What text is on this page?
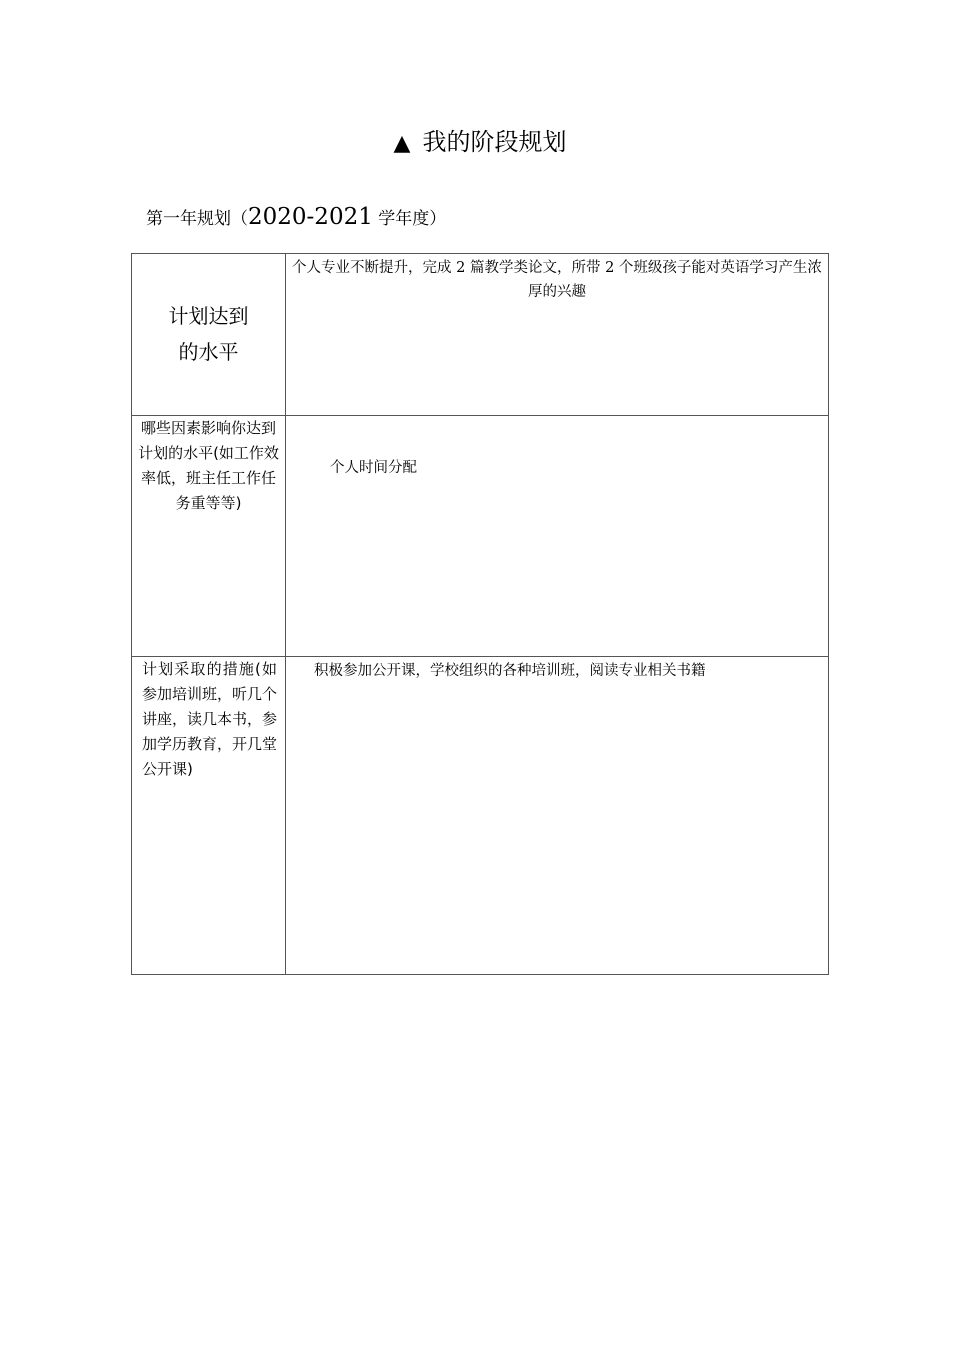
▲ 我的阶段规划
第一年规划（2020-2021 学年度）
计划达到
的水平	个人专业不断提升，完成 2 篇教学类论文，所带 2 个班级孩子能对英语学习产生浓厚的兴趣

哪些因素影响你达到计划的水平(如工作效率低，班主任工作任务重等等)	个人时间分配

计划采取的措施(如参加培训班，听几个讲座，读几本书，参加学历教育，开几堂公开课)	积极参加公开课，学校组织的各种培训班，阅读专业相关书籍
